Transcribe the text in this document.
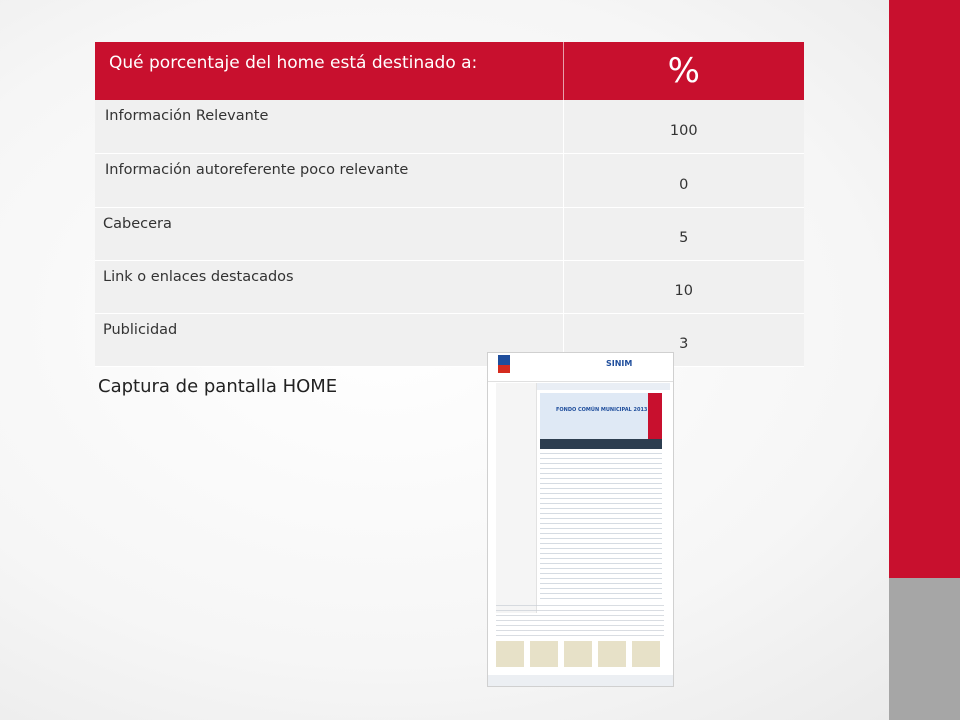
Qué porcentaje del home está destinado a:	%
Información Relevante	100
Información autoreferente poco relevante	0
Cabecera	5
Link o enlaces destacados	10
Publicidad	3
Captura de pantalla HOME
SINIM
FONDO COMÚN MUNICIPAL 2013
